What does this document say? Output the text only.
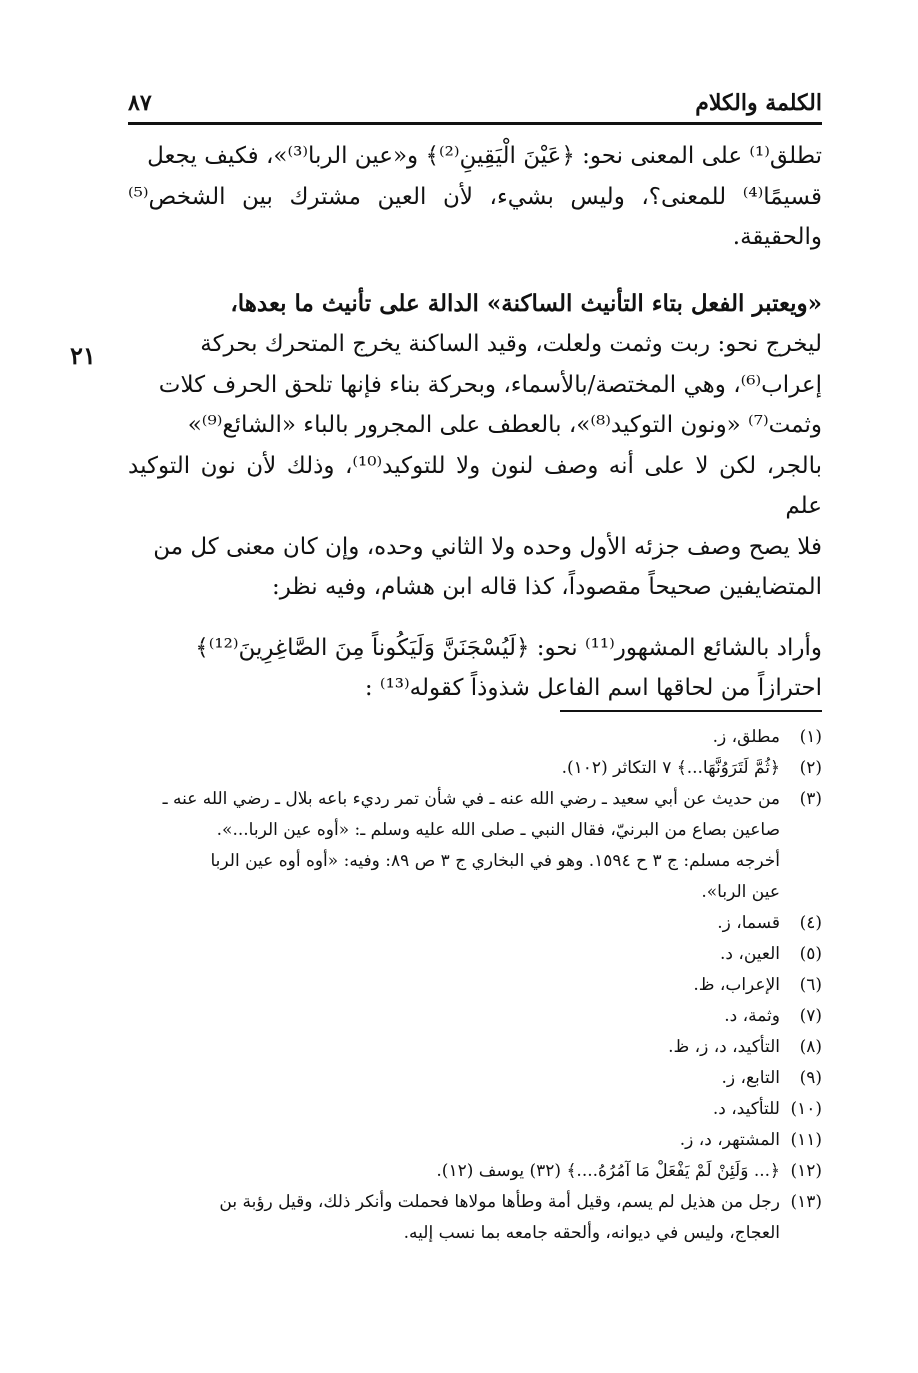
٨٧	الكلمة والكلام
٢١

تطلق⁽¹⁾ على المعنى نحو: ﴿عَيْنَ الْيَقِينِ⁽²⁾﴾ و«عين الربا⁽³⁾»، فكيف يجعل

قسيمًا⁽⁴⁾ للمعنى؟، وليس بشيء، لأن العين مشترك بين الشخص⁽⁵⁾ والحقيقة.

«ويعتبر الفعل بتاء التأنيث الساكنة» الدالة على تأنيث ما بعدها،

ليخرج نحو: ربت وثمت ولعلت، وقيد الساكنة يخرج المتحرك بحركة

إعراب⁽⁶⁾، وهي المختصة/بالأسماء، وبحركة بناء فإنها تلحق الحرف كلات

وثمت⁽⁷⁾ «ونون التوكيد⁽⁸⁾»، بالعطف على المجرور بالباء «الشائع⁽⁹⁾»

بالجر، لكن لا على أنه وصف لنون ولا للتوكيد⁽¹⁰⁾، وذلك لأن نون التوكيد علم

فلا يصح وصف جزئه الأول وحده ولا الثاني وحده، وإن كان معنى كل من

المتضايفين صحيحاً مقصوداً، كذا قاله ابن هشام، وفيه نظر:

وأراد بالشائع المشهور⁽¹¹⁾ نحو: ﴿لَيُسْجَنَنَّ وَلَيَكُوناً مِنَ الصَّاغِرِينَ⁽¹²⁾﴾

احترازاً من لحاقها اسم الفاعل شذوذاً كقوله⁽¹³⁾ :

(١)
مطلق، ز.
(٢)
﴿ثُمَّ لَتَرَوُنَّهَا...﴾ ٧ التكاثر (١٠٢).
(٣)
من حديث عن أبي سعيد ـ رضي الله عنه ـ في شأن تمر رديء باعه بلال ـ رضي الله عنه ـ
صاعين بصاع من البرنيّ، فقال النبي ـ صلى الله عليه وسلم ـ: «أوه عين الربا...».
أخرجه مسلم: ج ٣ ح ١٥٩٤. وهو في البخاري ج ٣ ص ٨٩: وفيه: «أوه أوه عين الربا
عين الربا».
(٤)
قسما، ز.
(٥)
العين، د.
(٦)
الإعراب، ظ.
(٧)
وثمة، د.
(٨)
التأكيد، د، ز، ظ.
(٩)
التابع، ز.
(١٠)
للتأكيد، د.
(١١)
المشتهر، د، ز.
(١٢)
﴿... وَلَئِنْ لَمْ يَفْعَلْ مَا آمُرُهُ....﴾ (٣٢) يوسف (١٢).
(١٣)
رجل من هذيل لم يسم، وقيل أمة وطأها مولاها فحملت وأنكر ذلك، وقيل رؤبة بن
العجاج، وليس في ديوانه، وألحقه جامعه بما نسب إليه.
